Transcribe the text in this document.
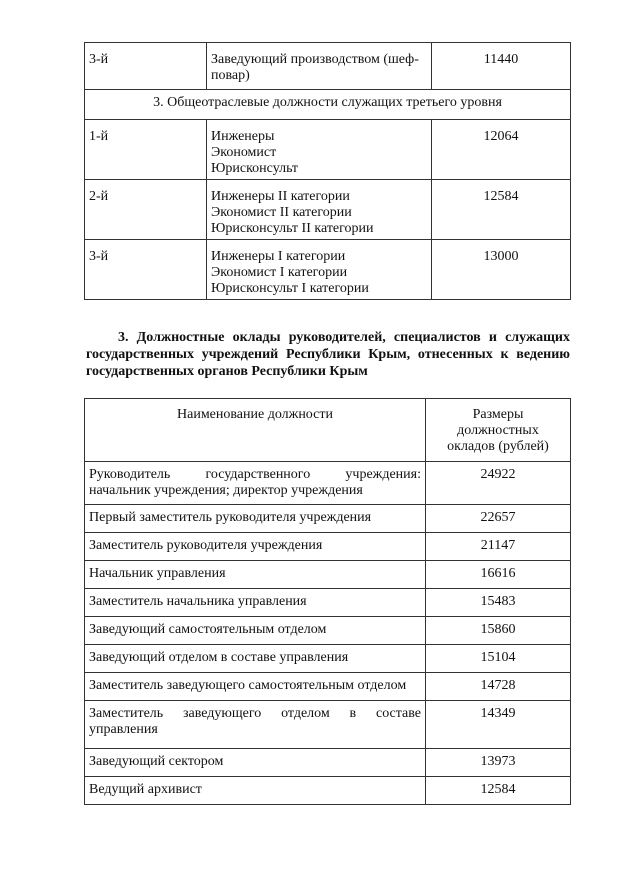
3-й	Заведующий производством (шеф-
повар)	11440
3. Общеотраслевые должности служащих третьего уровня		
1-й	Инженеры
Экономист
Юрисконсульт	12064
2-й	Инженеры II категории
Экономист II категории
Юрисконсульт II категории	12584
3-й	Инженеры I категории
Экономист I категории
Юрисконсульт I категории	13000

3. Должностные оклады руководителей, специалистов и служащих государственных учреждений Республики Крым, отнесенных к ведению государственных органов Республики Крым

Наименование должности	Размеры
должностных
окладов (рублей)

Руководитель государственного учреждения: начальник учреждения; директор учреждения	24922
Первый заместитель руководителя учреждения	22657
Заместитель руководителя учреждения	21147
Начальник управления	16616
Заместитель начальника управления	15483
Заведующий самостоятельным отделом	15860
Заведующий отделом в составе управления	15104
Заместитель заведующего самостоятельным отделом	14728
Заместитель заведующего отделом в составе управления	14349
Заведующий сектором	13973
Ведущий архивист	12584
